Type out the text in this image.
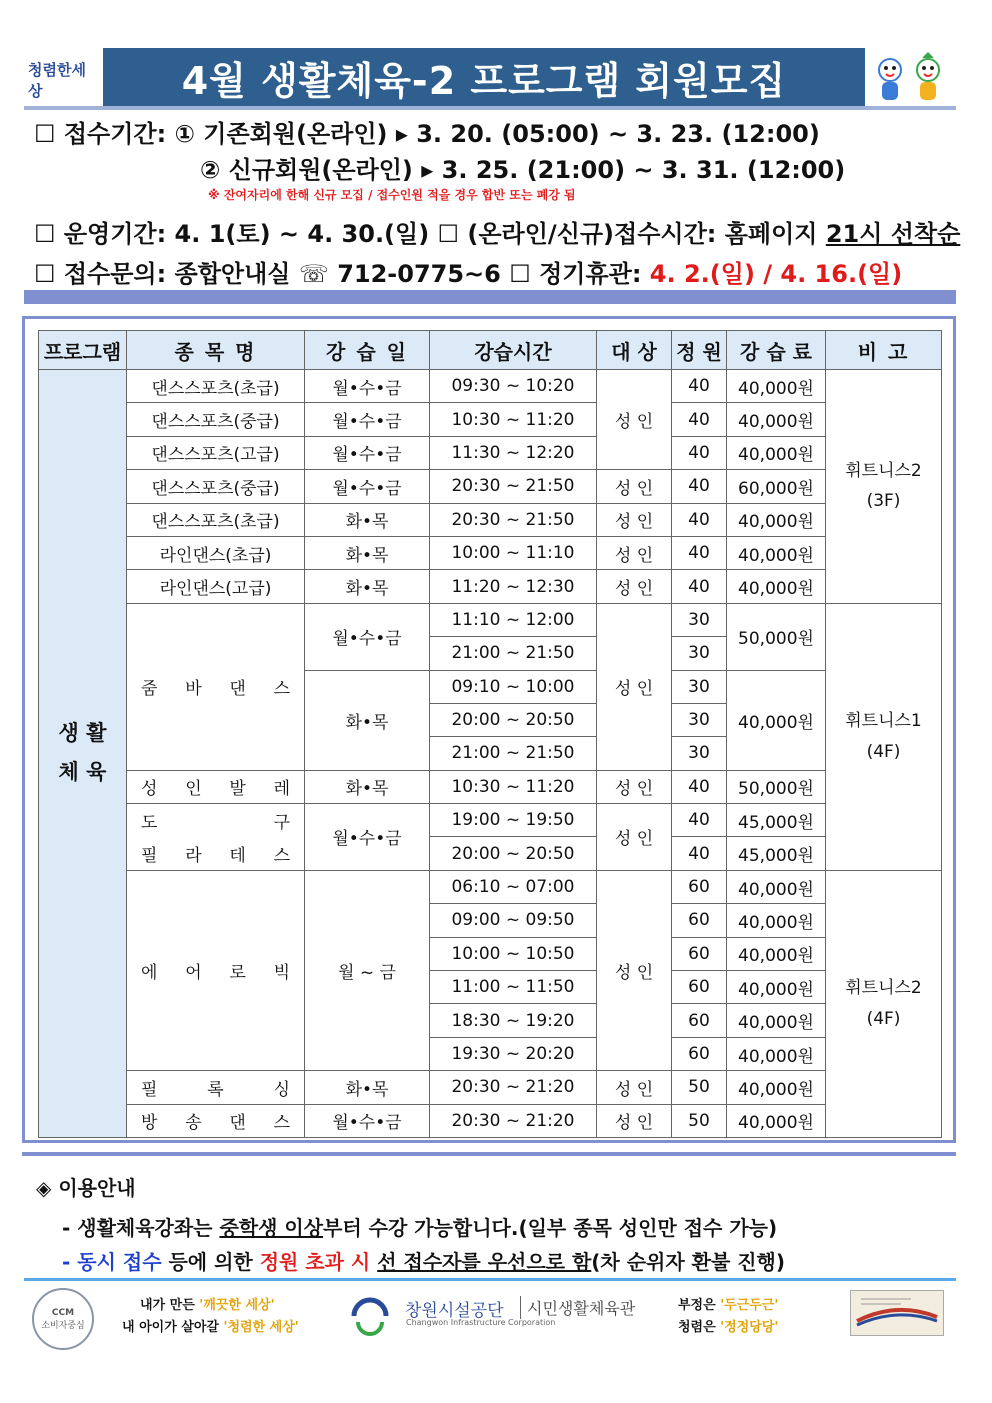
청렴한세상	4월 생활체육-2 프로그램 회원모집
☐ 접수기간: ① 기존회원(온라인) ▸ 3. 20. (05:00) ~ 3. 23. (12:00)
② 신규회원(온라인) ▸ 3. 25. (21:00) ~ 3. 31. (12:00)
※ 잔여자리에 한해 신규 모집 / 접수인원 적을 경우 합반 또는 폐강 됨
☐ 운영기간: 4. 1(토) ~ 4. 30.(일) ☐ (온라인/신규)접수시간: 홈페이지 21시 선착순
☐ 접수문의: 종합안내실 ☏ 712-0775~6 ☐ 정기휴관: 4. 2.(일) / 4. 16.(일)
프로그램	종 목 명	강 습 일	강습시간	대 상	정 원	강 습 료	비 고
생 활
체 육	댄스스포츠(초급)	월•수•금	09:30 ~ 10:20	성 인	40	40,000원	휘트니스2
(3F)
	댄스스포츠(중급)	월•수•금	10:30 ~ 11:20		40	40,000원	
	댄스스포츠(고급)	월•수•금	11:30 ~ 12:20		40	40,000원	
	댄스스포츠(중급)	월•수•금	20:30 ~ 21:50	성 인	40	60,000원	
	댄스스포츠(초급)	화•목	20:30 ~ 21:50	성 인	40	40,000원	
	라인댄스(초급)	화•목	10:00 ~ 11:10	성 인	40	40,000원	
	라인댄스(고급)	화•목	11:20 ~ 12:30	성 인	40	40,000원	
	줌 바 댄 스	월•수•금	11:10 ~ 12:00	성 인	30	50,000원	휘트니스1
(4F)
			21:00 ~ 21:50		30		
		화•목	09:10 ~ 10:00		30	40,000원	
			20:00 ~ 20:50		30		
			21:00 ~ 21:50		30		
	성 인 발 레	화•목	10:30 ~ 11:20	성 인	40	50,000원	
	도 구	월•수•금	19:00 ~ 19:50	성 인	40	45,000원	
	필 라 테 스		20:00 ~ 20:50		40	45,000원	
	에 어 로 빅	월 ~ 금	06:10 ~ 07:00	성 인	60	40,000원	휘트니스2
(4F)
			09:00 ~ 09:50		60	40,000원	
			10:00 ~ 10:50		60	40,000원	
			11:00 ~ 11:50		60	40,000원	
			18:30 ~ 19:20		60	40,000원	
			19:30 ~ 20:20		60	40,000원	
	필 록 싱	화•목	20:30 ~ 21:20	성 인	50	40,000원	
	방 송 댄 스	월•수•금	20:30 ~ 21:20	성 인	50	40,000원	
◈ 이용안내
- 생활체육강좌는 중학생 이상부터 수강 가능합니다.(일부 종목 성인만 접수 가능)
- 동시 접수 등에 의한 정원 초과 시 선 접수자를 우선으로 함(차 순위자 환불 진행)
CCM
소비자중심
내가 만든 '깨끗한 세상'
내 아이가 살아갈 '청렴한 세상'
창원시설공단
Changwon Infrastructure Corporation
시민생활체육관	부정은 '두근두근'
청렴은 '정정당당'
